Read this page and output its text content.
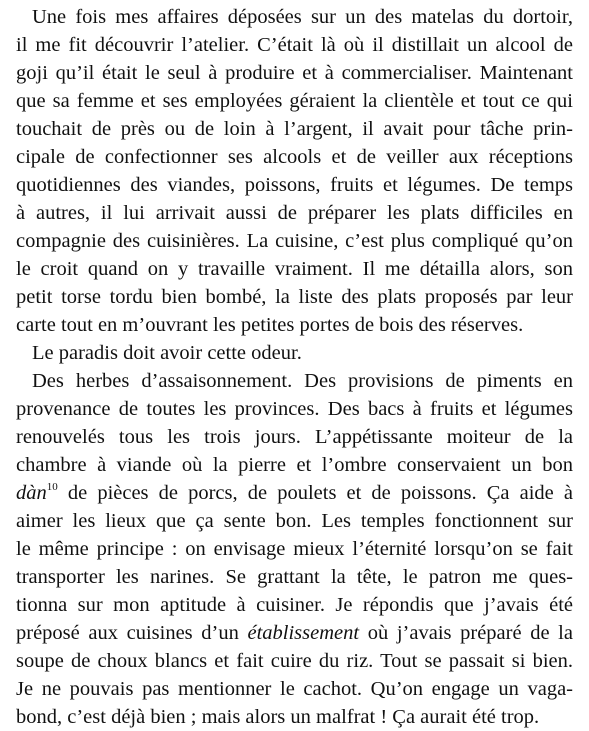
Une fois mes affaires déposées sur un des matelas du dortoir,
il me fit découvrir l’atelier. C’était là où il distillait un alcool de
goji qu’il était le seul à produire et à commercialiser. Maintenant
que sa femme et ses employées géraient la clientèle et tout ce qui
touchait de près ou de loin à l’argent, il avait pour tâche prin-
cipale de confectionner ses alcools et de veiller aux réceptions
quotidiennes des viandes, poissons, fruits et légumes. De temps
à autres, il lui arrivait aussi de préparer les plats difficiles en
compagnie des cuisinières. La cuisine, c’est plus compliqué qu’on
le croit quand on y travaille vraiment. Il me détailla alors, son
petit torse tordu bien bombé, la liste des plats proposés par leur
carte tout en m’ouvrant les petites portes de bois des réserves.
Le paradis doit avoir cette odeur.
Des herbes d’assaisonnement. Des provisions de piments en
provenance de toutes les provinces. Des bacs à fruits et légumes
renouvelés tous les trois jours. L’appétissante moiteur de la
chambre à viande où la pierre et l’ombre conservaient un bon
dàn$^{10}$ de pièces de porcs, de poulets et de poissons. Ça aide à
aimer les lieux que ça sente bon. Les temples fonctionnent sur
le même principe : on envisage mieux l’éternité lorsqu’on se fait
transporter les narines. Se grattant la tête, le patron me ques-
tionna sur mon aptitude à cuisiner. Je répondis que j’avais été
préposé aux cuisines d’un établissement où j’avais préparé de la
soupe de choux blancs et fait cuire du riz. Tout se passait si bien.
Je ne pouvais pas mentionner le cachot. Qu’on engage un vaga-
bond, c’est déjà bien ; mais alors un malfrat ! Ça aurait été trop.
